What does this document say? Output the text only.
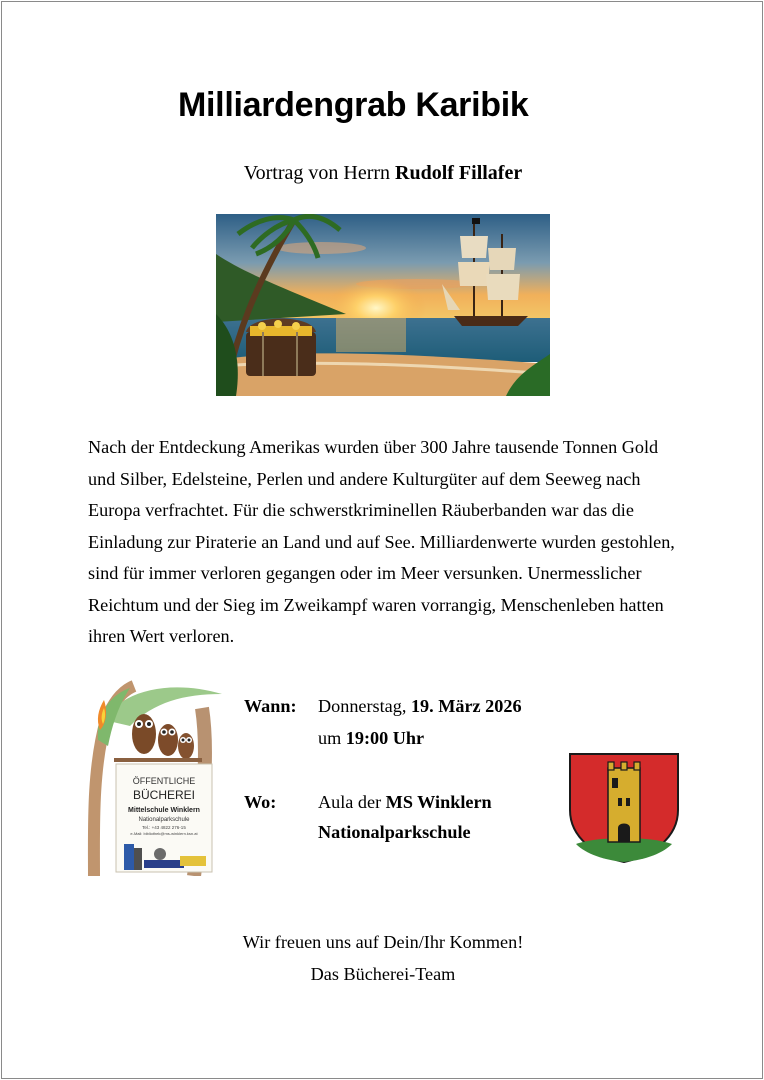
Milliardengrab Karibik
Vortrag von Herrn Rudolf Fillafer
Nach der Entdeckung Amerikas wurden über 300 Jahre tausende Tonnen Gold
und Silber, Edelsteine, Perlen und andere Kulturgüter auf dem Seeweg nach
Europa verfrachtet. Für die schwerstkriminellen Räuberbanden war das die
Einladung zur Piraterie an Land und auf See. Milliardenwerte wurden gestohlen,
sind für immer verloren gegangen oder im Meer versunken. Unermesslicher
Reichtum und der Sieg im Zweikampf waren vorrangig, Menschenleben hatten
ihren Wert verloren.
ÖFFENTLICHE
BÜCHEREI
Mittelschule Winklern
Nationalparkschule
Tel.: +43 4822 276-15
e-Mail: bibliothek@ms-winklern.ksn.at
Wann: Donnerstag, 19. März 2026
um 19:00 Uhr
Wo: Aula der MS Winklern
Nationalparkschule
Wir freuen uns auf Dein/Ihr Kommen!
Das Bücherei-Team
